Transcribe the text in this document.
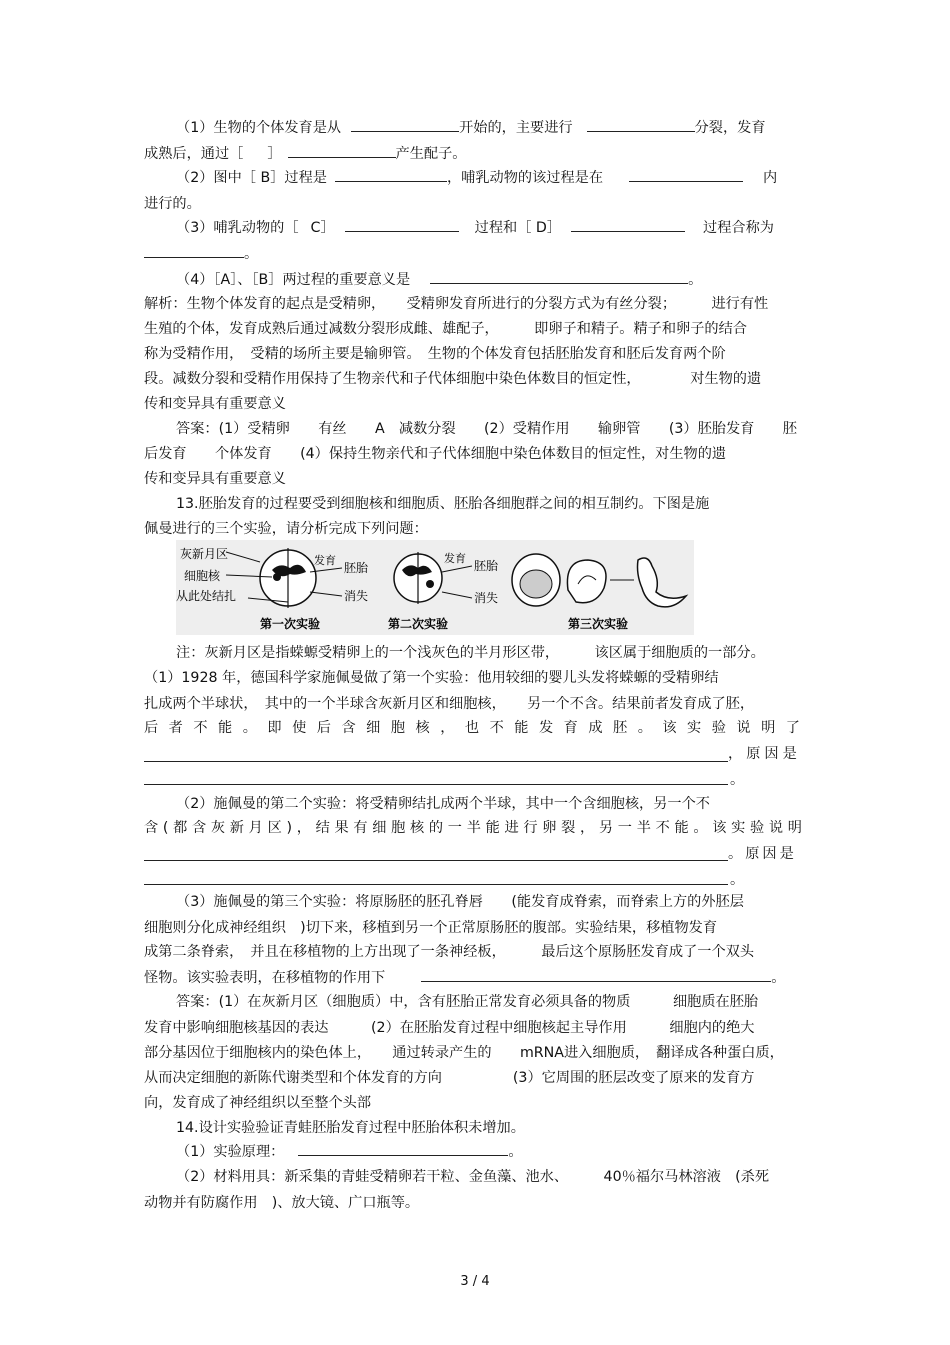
（1）生物的个体发育是从	开始的，主要进行	分裂，发育
成熟后，通过［ ］	产生配子。
（2）图中［ B］过程是	，哺乳动物的该过程是在	内
进行的。
（3）哺乳动物的［ C］	过程和［ D］	过程合称为
。
（4）［A］、［B］两过程的重要意义是	。
解析：生物个体发育的起点是受精卵，　　受精卵发育所进行的分裂方式为有丝分裂；　　　进行有性
生殖的个体，发育成熟后通过减数分裂形成雌、雄配子，　　　即卵子和精子。精子和卵子的结合
称为受精作用，　受精的场所主要是输卵管。　生物的个体发育包括胚胎发育和胚后发育两个阶
段。减数分裂和受精作用保持了生物亲代和子代体细胞中染色体数目的恒定性，　　　　对生物的遗
传和变异具有重要意义
答案：(1）受精卵　　有丝　　A　减数分裂　　(2）受精作用　　输卵管　　(3）胚胎发育　　胚
后发育　　个体发育　　(4）保持生物亲代和子代体细胞中染色体数目的恒定性，对生物的遗
传和变异具有重要意义
13.胚胎发育的过程要受到细胞核和细胞质、胚胎各细胞群之间的相互制约。下图是施
佩曼进行的三个实验，请分析完成下列问题：
灰新月区
细胞核
从此处结扎
发育
胚胎
消失
第一次实验
发育
胚胎
消失
第二次实验	第三次实验
注：灰新月区是指蝾螈受精卵上的一个浅灰色的半月形区带，　　　该区属于细胞质的一部分。
（1）1928 年，德国科学家施佩曼做了第一个实验：他用较细的婴儿头发将蝾螈的受精卵结
扎成两个半球状，　其中的一个半球含灰新月区和细胞核，　　另一个不含。结果前者发育成了胚，
后者不能。即使后含细胞核，也不能发育成胚。该实验说明了
，原因是
。
（2）施佩曼的第二个实验：将受精卵结扎成两个半球，其中一个含细胞核，另一个不
含(都含灰新月区)，结果有细胞核的一半能进行卵裂，另一半不能。该实验说明
。原因是
。
（3）施佩曼的第三个实验：将原肠胚的胚孔脊唇　　(能发育成脊索，而脊索上方的外胚层
细胞则分化成神经组织　)切下来，移植到另一个正常原肠胚的腹部。实验结果，移植物发育
成第二条脊索，　并且在移植物的上方出现了一条神经板，　　　最后这个原肠胚发育成了一个双头
怪物。该实验表明，在移植物的作用下	。
答案：(1）在灰新月区（细胞质）中，含有胚胎正常发育必须具备的物质　　　细胞质在胚胎
发育中影响细胞核基因的表达　　　(2）在胚胎发育过程中细胞核起主导作用　　　细胞内的绝大
部分基因位于细胞核内的染色体上，　　通过转录产生的　　mRNA进入细胞质，　翻译成各种蛋白质，
从而决定细胞的新陈代谢类型和个体发育的方向　　　　　(3）它周围的胚层改变了原来的发育方
向，发育成了神经组织以至整个头部
14.设计实验验证青蛙胚胎发育过程中胚胎体积未增加。
（1）实验原理：	。
（2）材料用具：新采集的青蛙受精卵若干粒、金鱼藻、池水、　　　40％福尔马林溶液　(杀死
动物并有防腐作用　)、放大镜、广口瓶等。
3 / 4
